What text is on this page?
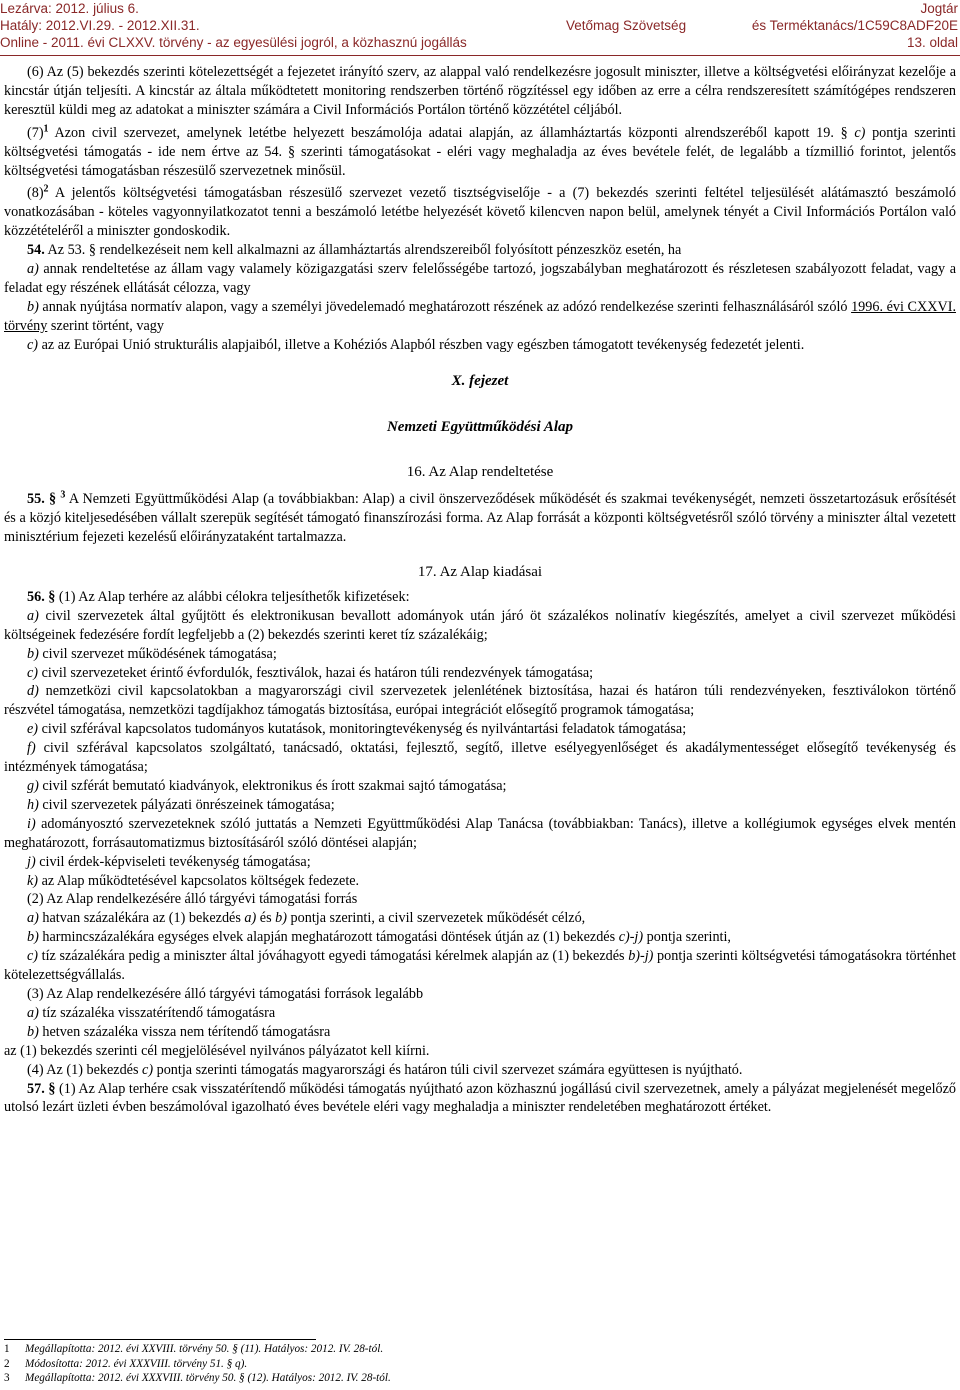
Lezárva: 2012. július 6.	Jogtár
Hatály: 2012.VI.29. - 2012.XII.31.	Vetőmag Szövetség	és Terméktanács/1C59C8ADF20E
Online - 2011. évi CLXXV. törvény - az egyesülési jogról, a közhasznú jogállás	13. oldal

(6) Az (5) bekezdés szerinti kötelezettségét a fejezetet irányító szerv, az alappal való rendelkezésre jogosult miniszter, illetve a költségvetési előirányzat kezelője a kincstár útján teljesíti. A kincstár az általa működtetett monitoring rendszerben történő rögzítéssel egy időben az erre a célra rendszeresített számítógépes rendszeren keresztül küldi meg az adatokat a miniszter számára a Civil Információs Portálon történő közzététel céljából.

$(7)^1$ Azon civil szervezet, amelynek letétbe helyezett beszámolója adatai alapján, az államháztartás központi alrendszeréből kapott 19. § c) pontja szerinti költségvetési támogatás - ide nem értve az 54. § szerinti támogatásokat - eléri vagy meghaladja az éves bevétele felét, de legalább a tízmillió forintot, jelentős költségvetési támogatásban részesülő szervezetnek minősül.

$(8)^2$ A jelentős költségvetési támogatásban részesülő szervezet vezető tisztségviselője - a (7) bekezdés szerinti feltétel teljesülését alátámasztó beszámoló vonatkozásában - köteles vagyonnyilatkozatot tenni a beszámoló letétbe helyezését követő kilencven napon belül, amelynek tényét a Civil Információs Portálon való közzétételéről a miniszter gondoskodik.

54. Az 53. § rendelkezéseit nem kell alkalmazni az államháztartás alrendszereiből folyósított pénzeszköz esetén, ha

a) annak rendeltetése az állam vagy valamely közigazgatási szerv felelősségébe tartozó, jogszabályban meghatározott és részletesen szabályozott feladat, vagy a feladat egy részének ellátását célozza, vagy

b) annak nyújtása normatív alapon, vagy a személyi jövedelemadó meghatározott részének az adózó rendelkezése szerinti felhasználásáról szóló 1996. évi CXXVI. törvény szerint történt, vagy

c) az az Európai Unió strukturális alapjaiból, illetve a Kohéziós Alapból részben vagy egészben támogatott tevékenység fedezetét jelenti.

X. fejezet

Nemzeti Együttműködési Alap

16. Az Alap rendeltetése

55. § $^3$ A Nemzeti Együttműködési Alap (a továbbiakban: Alap) a civil önszerveződések működését és szakmai tevékenységét, nemzeti összetartozásuk erősítését és a közjó kiteljesedésében vállalt szerepük segítését támogató finanszírozási forma. Az Alap forrását a központi költségvetésről szóló törvény a miniszter által vezetett minisztérium fejezeti kezelésű előirányzataként tartalmazza.

17. Az Alap kiadásai

56. § (1) Az Alap terhére az alábbi célokra teljesíthetők kifizetések:

a) civil szervezetek által gyűjtött és elektronikusan bevallott adományok után járó öt százalékos nolinatív kiegészítés, amelyet a civil szervezet működési költségeinek fedezésére fordít legfeljebb a (2) bekezdés szerinti keret tíz százalékáig;

b) civil szervezet működésének támogatása;

c) civil szervezeteket érintő évfordulók, fesztiválok, hazai és határon túli rendezvények támogatása;

d) nemzetközi civil kapcsolatokban a magyarországi civil szervezetek jelenlétének biztosítása, hazai és határon túli rendezvényeken, fesztiválokon történő részvétel támogatása, nemzetközi tagdíjakhoz támogatás biztosítása, európai integrációt elősegítő programok támogatása;

e) civil szférával kapcsolatos tudományos kutatások, monitoringtevékenység és nyilvántartási feladatok támogatása;

f) civil szférával kapcsolatos szolgáltató, tanácsadó, oktatási, fejlesztő, segítő, illetve esélyegyenlőséget és akadálymentességet elősegítő tevékenység és intézmények támogatása;

g) civil szférát bemutató kiadványok, elektronikus és írott szakmai sajtó támogatása;

h) civil szervezetek pályázati önrészeinek támogatása;

i) adományosztó szervezeteknek szóló juttatás a Nemzeti Együttműködési Alap Tanácsa (továbbiakban: Tanács), illetve a kollégiumok egységes elvek mentén meghatározott, forrásautomatizmus biztosításáról szóló döntései alapján;

j) civil érdek-képviseleti tevékenység támogatása;

k) az Alap működtetésével kapcsolatos költségek fedezete.

(2) Az Alap rendelkezésére álló tárgyévi támogatási forrás

a) hatvan százalékára az (1) bekezdés a) és b) pontja szerinti, a civil szervezetek működését célzó,

b) harmincszázalékára egységes elvek alapján meghatározott támogatási döntések útján az (1) bekezdés c)-j) pontja szerinti,

c) tíz százalékára pedig a miniszter által jóváhagyott egyedi támogatási kérelmek alapján az (1) bekezdés b)-j) pontja szerinti költségvetési támogatásokra történhet kötelezettségvállalás.

(3) Az Alap rendelkezésére álló tárgyévi támogatási források legalább

a) tíz százaléka visszatérítendő támogatásra

b) hetven százaléka vissza nem térítendő támogatásra

az (1) bekezdés szerinti cél megjelölésével nyilvános pályázatot kell kiírni.

(4) Az (1) bekezdés c) pontja szerinti támogatás magyarországi és határon túli civil szervezet számára együttesen is nyújtható.

57. § (1) Az Alap terhére csak visszatérítendő működési támogatás nyújtható azon közhasznú jogállású civil szervezetnek, amely a pályázat megjelenését megelőző utolsó lezárt üzleti évben beszámolóval igazolható éves bevétele eléri vagy meghaladja a miniszter rendeletében meghatározott értéket.

1 Megállapította: 2012. évi XXVIII. törvény 50. § (11). Hatályos: 2012. IV. 28-tól.
2 Módosította: 2012. évi XXXVIII. törvény 51. § q).
3 Megállapította: 2012. évi XXXVIII. törvény 50. § (12). Hatályos: 2012. IV. 28-tól.
